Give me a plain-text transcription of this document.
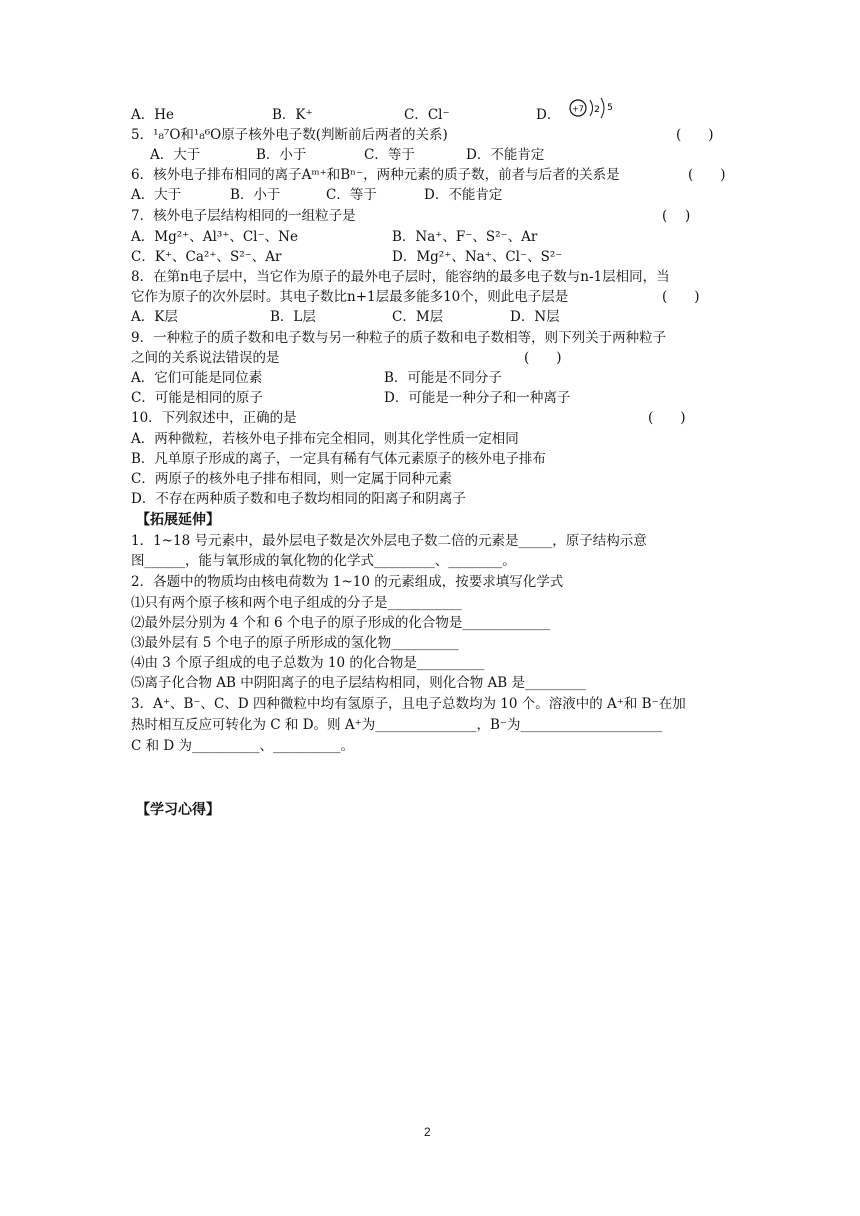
A．He	B．K⁺	C．Cl⁻	D． +7 2 5
5．¹₈⁷O和¹₈⁶O原子核外电子数(判断前后两者的关系)	(　　)
A．大于	B．小于	C．等于	D．不能肯定
6．核外电子排布相同的离子Aᵐ⁺和Bⁿ⁻，两种元素的质子数，前者与后者的关系是	(　　)
A．大于	B．小于	C．等于	D．不能肯定
7．核外电子层结构相同的一组粒子是	(　 )
A．Mg²⁺、Al³⁺、Cl⁻、Ne	B．Na⁺、F⁻、S²⁻、Ar
C．K⁺、Ca²⁺、S²⁻、Ar	D．Mg²⁺、Na⁺、Cl⁻、S²⁻
8．在第n电子层中，当它作为原子的最外电子层时，能容纳的最多电子数与n-1层相同，当
它作为原子的次外层时。其电子数比n+1层最多能多10个，则此电子层是	(　　)
A．K层	B．L层	C．M层	D．N层
9．一种粒子的质子数和电子数与另一种粒子的质子数和电子数相等，则下列关于两种粒子
之间的关系说法错误的是	(　　)
A．它们可能是同位素	B．可能是不同分子
C．可能是相同的原子	D．可能是一种分子和一种离子
10．下列叙述中，正确的是	(　　)
A．两种微粒，若核外电子排布完全相同，则其化学性质一定相同
B．凡单原子形成的离子，一定具有稀有气体元素原子的核外电子排布
C．两原子的核外电子排布相同，则一定属于同种元素
D．不存在两种质子数和电子数均相同的阳离子和阴离子
【拓展延伸】
1．1~18 号元素中，最外层电子数是次外层电子数二倍的元素是_____，原子结构示意
图______，能与氧形成的氧化物的化学式_________、________。
2．各题中的物质均由核电荷数为 1~10 的元素组成，按要求填写化学式
⑴只有两个原子核和两个电子组成的分子是___________
⑵最外层分别为 4 个和 6 个电子的原子形成的化合物是_____________
⑶最外层有 5 个电子的原子所形成的氢化物__________
⑷由 3 个原子组成的电子总数为 10 的化合物是__________
⑸离子化合物 AB 中阴阳离子的电子层结构相同，则化合物 AB 是_________
3．A⁺、B⁻、C、D 四种微粒中均有氢原子，且电子总数均为 10 个。溶液中的 A⁺和 B⁻在加
热时相互反应可转化为 C 和 D。则 A⁺为_______________，B⁻为_____________________
C 和 D 为__________、__________。
【学习心得】
2
